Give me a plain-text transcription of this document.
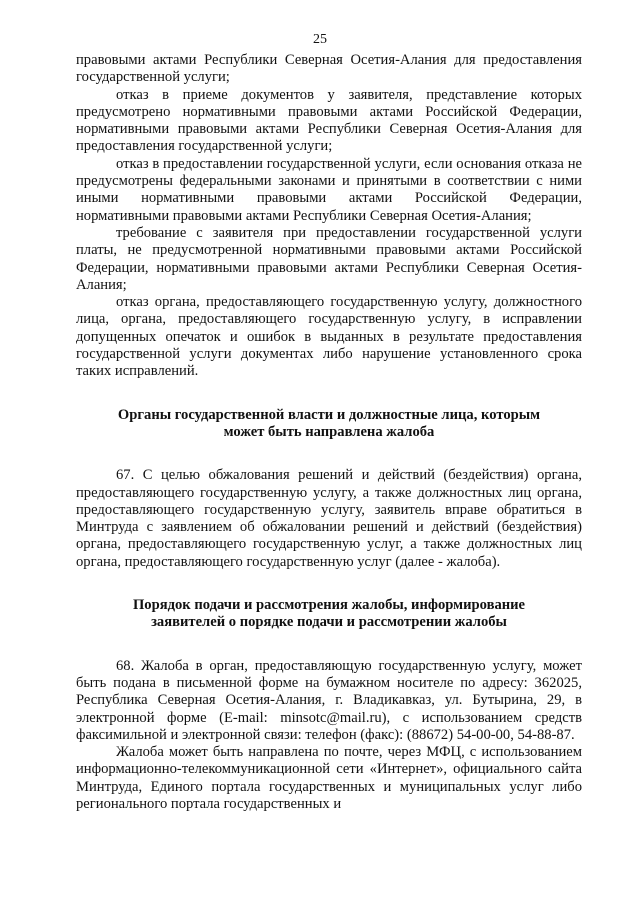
25

правовыми актами Республики Северная Осетия-Алания для предоставления государственной услуги;

отказ в приеме документов у заявителя, представление которых предусмотрено нормативными правовыми актами Российской Федерации, нормативными правовыми актами Республики Северная Осетия-Алания для предоставления государственной услуги;

отказ в предоставлении государственной услуги, если основания отказа не предусмотрены федеральными законами и принятыми в соответствии с ними иными нормативными правовыми актами Российской Федерации, нормативными правовыми актами Республики Северная Осетия-Алания;

требование с заявителя при предоставлении государственной услуги платы, не предусмотренной нормативными правовыми актами Российской Федерации, нормативными правовыми актами Республики Северная Осетия-Алания;

отказ органа, предоставляющего государственную услугу, должностного лица, органа, предоставляющего государственную услугу, в исправлении допущенных опечаток и ошибок в выданных в результате предоставления государственной услуги документах либо нарушение установленного срока таких исправлений.

Органы государственной власти и должностные лица, которым
может быть направлена жалоба

67. С целью обжалования решений и действий (бездействия) органа, предоставляющего государственную услугу, а также должностных лиц органа, предоставляющего государственную услугу, заявитель вправе обратиться в Минтруда с заявлением об обжаловании решений и действий (бездействия) органа, предоставляющего государственную услуг, а также должностных лиц органа, предоставляющего государственную услуг (далее - жалоба).

Порядок подачи и рассмотрения жалобы, информирование
заявителей о порядке подачи и рассмотрении жалобы

68. Жалоба в орган, предоставляющую государственную услугу, может быть подана в письменной форме на бумажном носителе по адресу: 362025, Республика Северная Осетия-Алания, г. Владикавказ, ул. Бутырина, 29, в электронной форме (E-mail: minsotc@mail.ru), с использованием средств факсимильной и электронной связи: телефон (факс): (88672) 54-00-00, 54-88-87.

Жалоба может быть направлена по почте, через МФЦ, с использованием информационно-телекоммуникационной сети «Интернет», официального сайта Минтруда, Единого портала государственных и муниципальных услуг либо регионального портала государственных и
